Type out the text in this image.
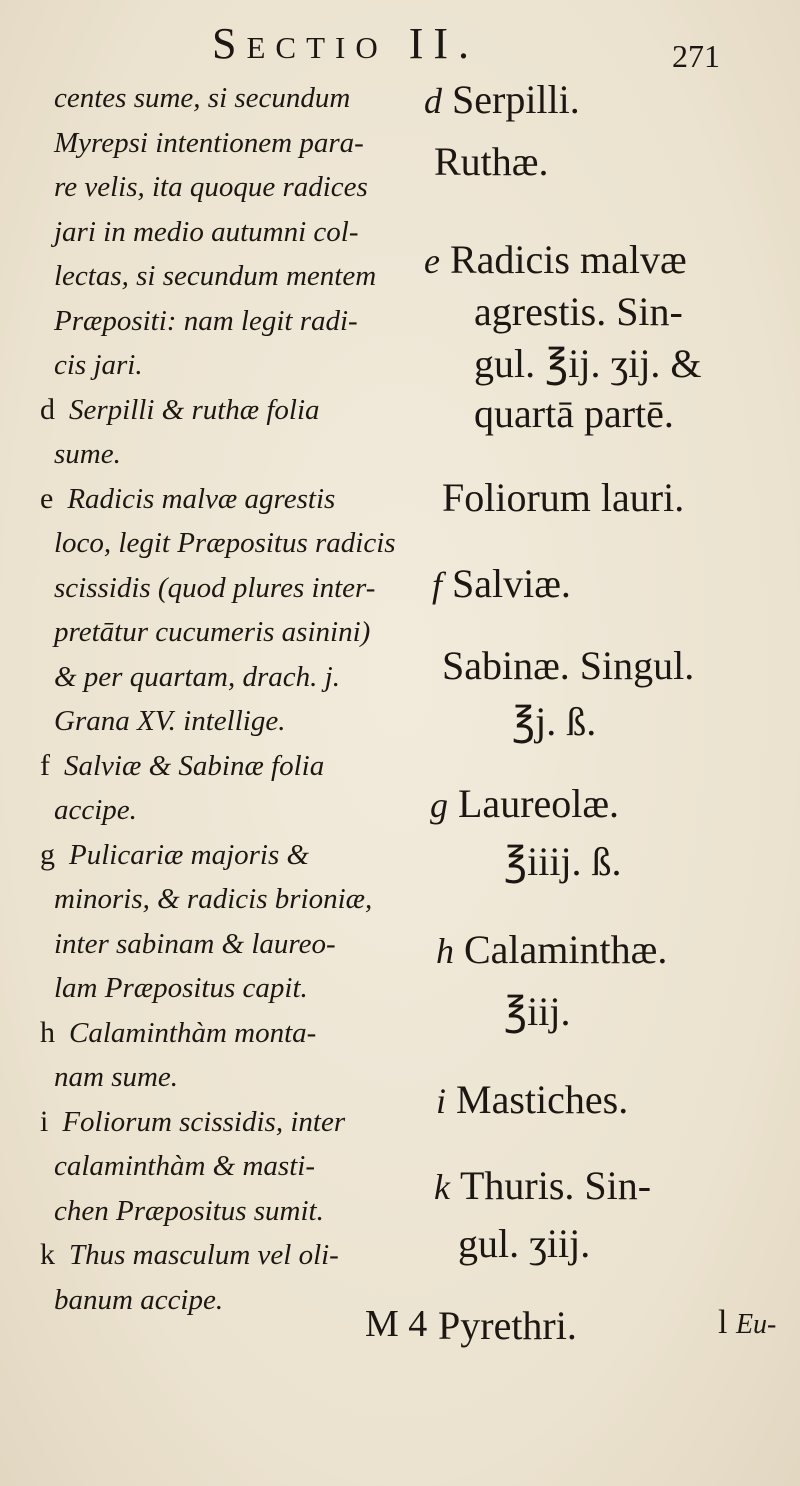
Sectio II.	271
centes sume, si secundum
Myrepsi intentionem para-
re velis, ita quoque radices
jari in medio autumni col-
lectas, si secundum mentem
Præpositi: nam legit radi-
cis jari.
d Serpilli & ruthæ folia
sume.
e Radicis malvæ agrestis
loco, legit Præpositus radicis
scissidis (quod plures inter-
pretātur cucumeris asinini)
& per quartam, drach. j.
Grana XV. intellige.
f Salviæ & Sabinæ folia
accipe.
g Pulicariæ majoris &
minoris, & radicis brioniæ,
inter sabinam & laureo-
lam Præpositus capit.
h Calaminthàm monta-
nam sume.
i Foliorum scissidis, inter
calaminthàm & masti-
chen Præpositus sumit.
k Thus masculum vel oli-
banum accipe.
d Serpilli.
Ruthæ.
e Radicis malvæ
agrestis. Sin-
gul. ℥ij. ʒij. &
quartā partē.
Foliorum lauri.
f Salviæ.
Sabinæ. Singul.
℥j. ß.
g Laureolæ.
℥iiij. ß.
h Calaminthæ.
℥iij.
i Mastiches.
k Thuris. Sin-
gul. ʒiij.
Pyrethri.
M 4	l Eu-
